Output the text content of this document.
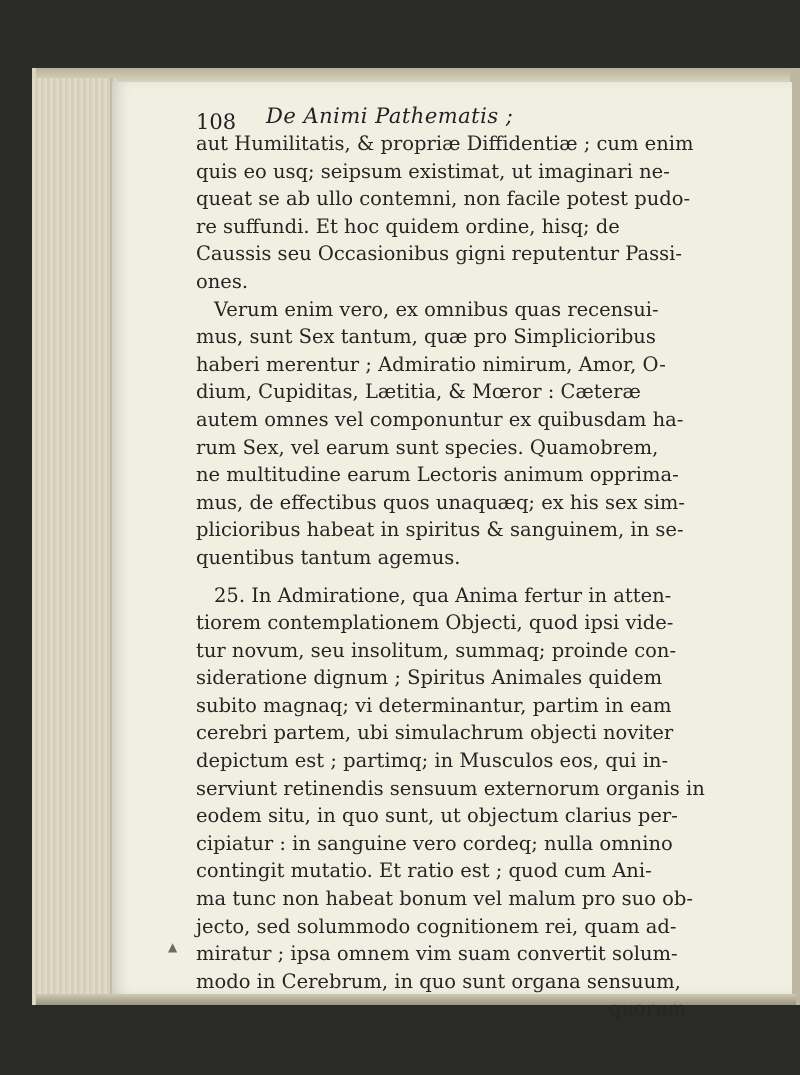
108 De Animi Pathematis ;
aut Humilitatis, & propriæ Diffidentiæ ; cum enim
quis eo usq; seipsum existimat, ut imaginari ne-
queat se ab ullo contemni, non facile potest pudo-
re suffundi. Et hoc quidem ordine, hisq; de
Caussis seu Occasionibus gigni reputentur Passi-
ones.
Verum enim vero, ex omnibus quas recensui-
mus, sunt Sex tantum, quæ pro Simplicioribus
haberi merentur ; Admiratio nimirum, Amor, O-
dium, Cupiditas, Lætitia, & Mœror : Cæteræ
autem omnes vel componuntur ex quibusdam ha-
rum Sex, vel earum sunt species. Quamobrem,
ne multitudine earum Lectoris animum opprima-
mus, de effectibus quos unaquæq; ex his sex sim-
plicioribus habeat in spiritus & sanguinem, in se-
quentibus tantum agemus.
25. In Admiratione, qua Anima fertur in atten-
tiorem contemplationem Objecti, quod ipsi vide-
tur novum, seu insolitum, summaq; proinde con-
sideratione dignum ; Spiritus Animales quidem
subito magnaq; vi determinantur, partim in eam
cerebri partem, ubi simulachrum objecti noviter
depictum est ; partimq; in Musculos eos, qui in-
serviunt retinendis sensuum externorum organis in
eodem situ, in quo sunt, ut objectum clarius per-
cipiatur : in sanguine vero cordeq; nulla omnino
contingit mutatio. Et ratio est ; quod cum Ani-
ma tunc non habeat bonum vel malum pro suo ob-
jecto, sed solummodo cognitionem rei, quam ad-
miratur ; ipsa omnem vim suam convertit solum-
modo in Cerebrum, in quo sunt organa sensuum,
quorum
▲
